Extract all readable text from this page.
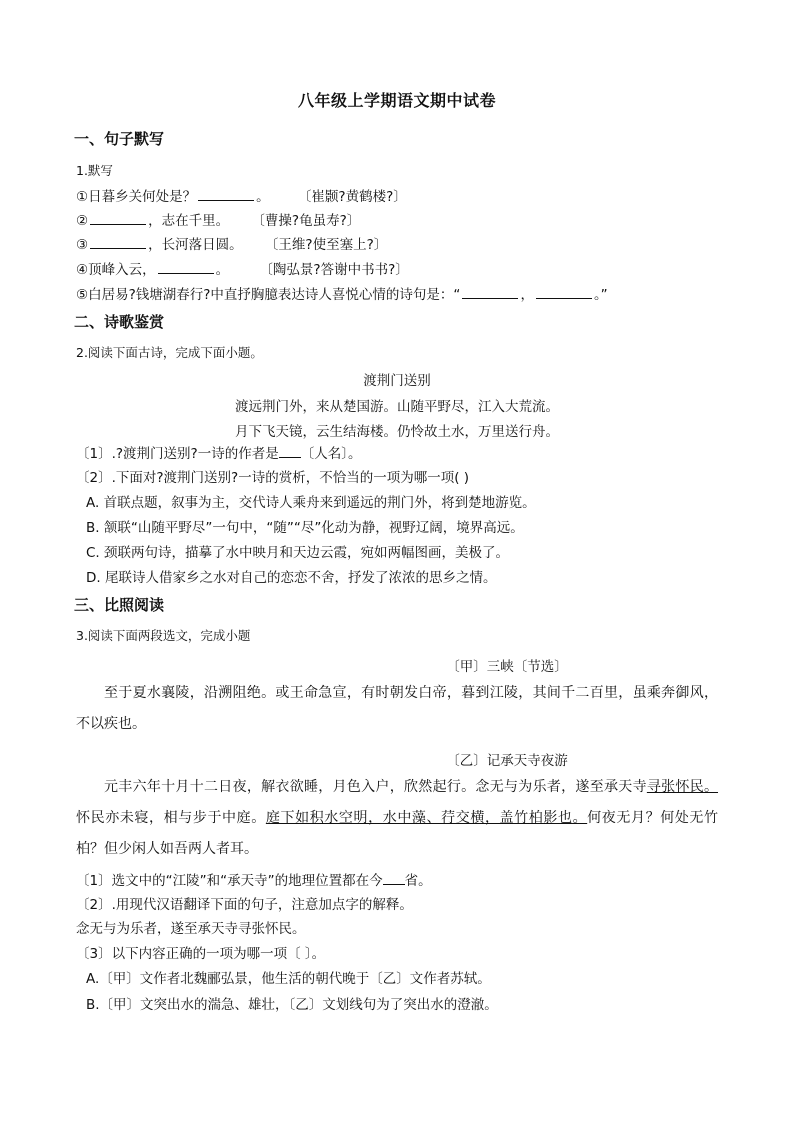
八年级上学期语文期中试卷
一、句子默写
1.默写
①日暮乡关何处是？	。 〔崔颢?黄鹤楼?〕
②	，志在千里。 〔曹操?龟虽寿?〕
③	，长河落日圆。 〔王维?使至塞上?〕
④顶峰入云，	。 〔陶弘景?答谢中书书?〕
⑤白居易?钱塘湖春行?中直抒胸臆表达诗人喜悦心情的诗句是：“	，	。”
二、诗歌鉴赏
2.阅读下面古诗，完成下面小题。
渡荆门送别
渡远荆门外，来从楚国游。山随平野尽，江入大荒流。
月下飞天镜，云生结海楼。仍怜故土水，万里送行舟。
〔1〕.?渡荆门送别?一诗的作者是 〔人名〕。
〔2〕.下面对?渡荆门送别?一诗的赏析，不恰当的一项为哪一项( )
A. 首联点题，叙事为主，交代诗人乘舟来到遥远的荆门外，将到楚地游览。
B. 颔联“山随平野尽”一句中，“随”“尽”化动为静，视野辽阔，境界高远。
C. 颈联两句诗，描摹了水中映月和天边云霞，宛如两幅图画，美极了。
D. 尾联诗人借家乡之水对自己的恋恋不舍，抒发了浓浓的思乡之情。
三、比照阅读
3.阅读下面两段选文，完成小题
〔甲〕三峡〔节选〕
至于夏水襄陵，沿溯阻绝。或王命急宣，有时朝发白帝，暮到江陵，其间千二百里，虽乘奔御风，不以疾也。
〔乙〕记承天寺夜游
元丰六年十月十二日夜，解衣欲睡，月色入户，欣然起行。念无与为乐者，遂至承天寺寻张怀民。怀民亦未寝，相与步于中庭。庭下如积水空明，水中藻、荇交横，盖竹柏影也。何夜无月？何处无竹柏？但少闲人如吾两人者耳。
〔1〕选文中的“江陵”和“承天寺”的地理位置都在今 省。
〔2〕.用现代汉语翻译下面的句子，注意加点字的解释。
念无与为乐者，遂至承天寺寻张怀民。
〔3〕以下内容正确的一项为哪一项〔 〕。
A.〔甲〕文作者北魏郦弘景，他生活的朝代晚于〔乙〕文作者苏轼。
B.〔甲〕文突出水的湍急、雄壮，〔乙〕文划线句为了突出水的澄澈。
